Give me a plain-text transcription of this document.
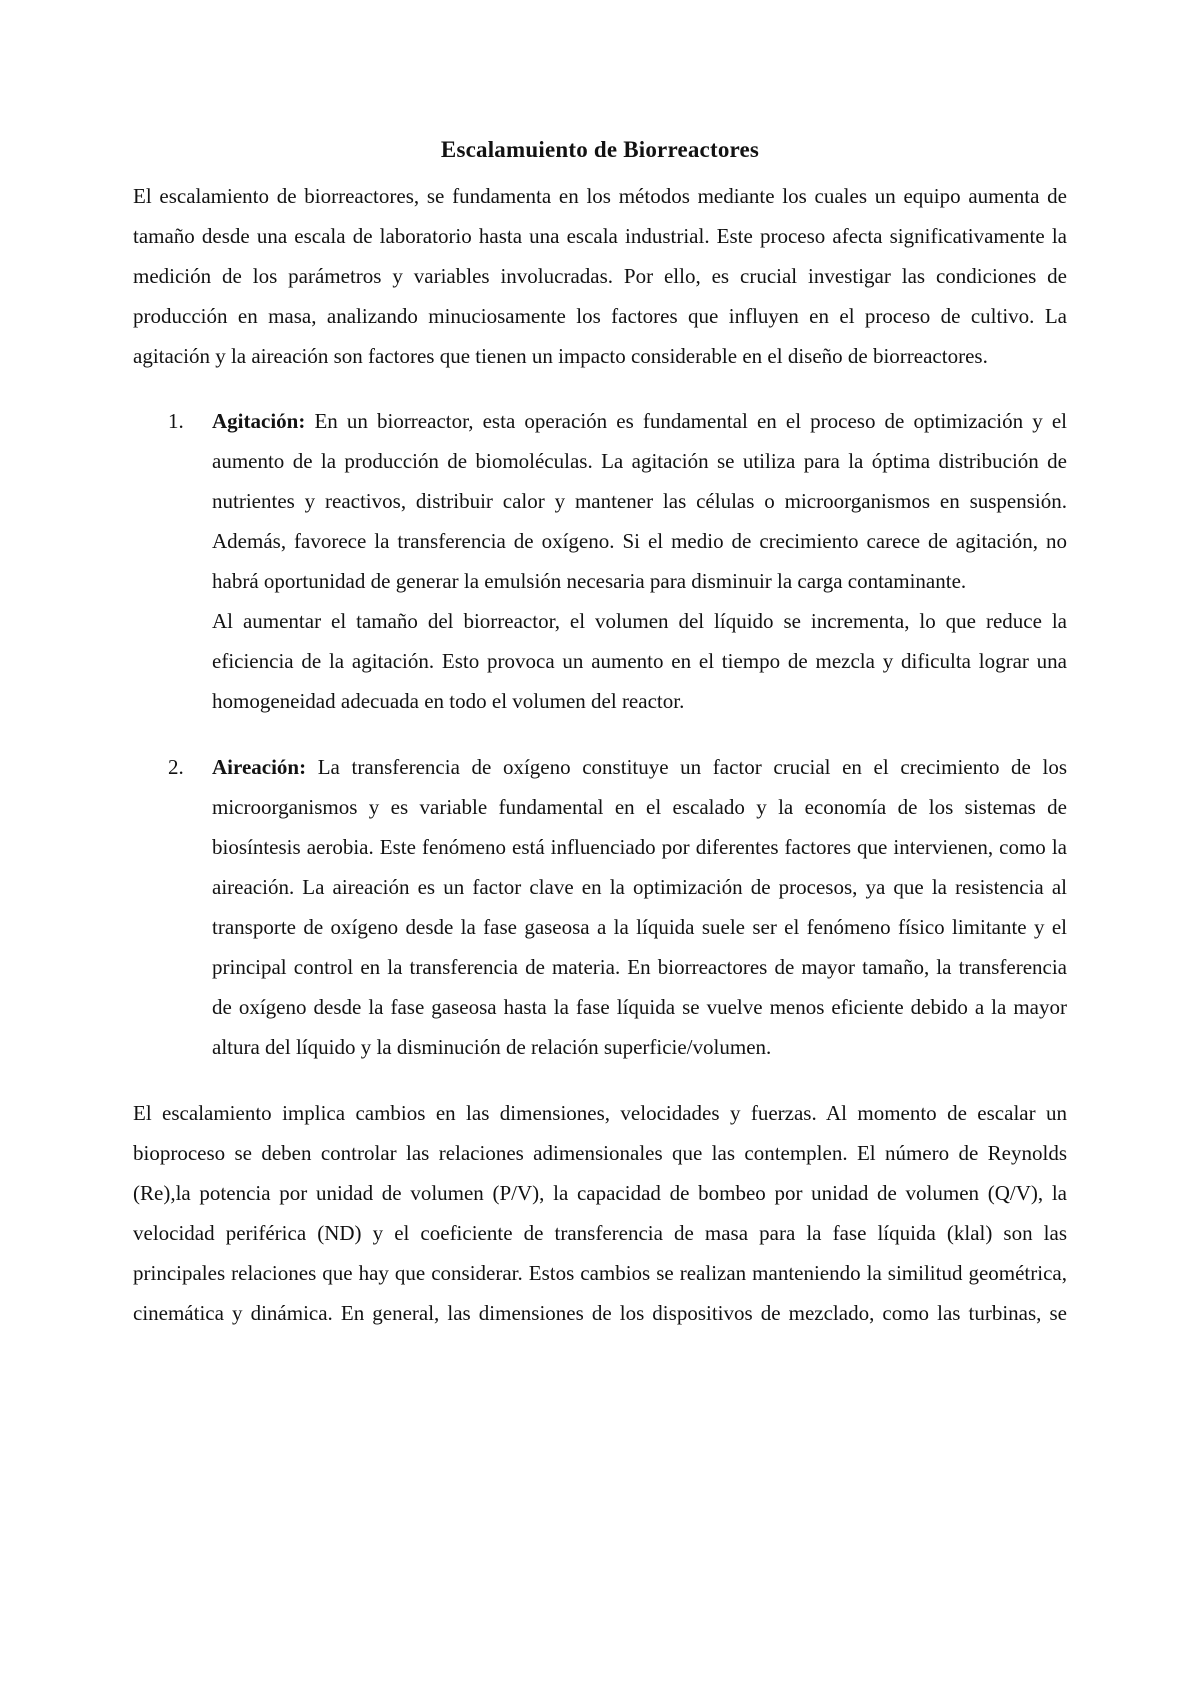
Escalamuiento de Biorreactores

El escalamiento de biorreactores, se fundamenta en los métodos mediante los cuales un equipo aumenta de tamaño desde una escala de laboratorio hasta una escala industrial. Este proceso afecta significativamente la medición de los parámetros y variables involucradas. Por ello, es crucial investigar las condiciones de producción en masa, analizando minuciosamente los factores que influyen en el proceso de cultivo. La agitación y la aireación son factores que tienen un impacto considerable en el diseño de biorreactores.

1. Agitación: En un biorreactor, esta operación es fundamental en el proceso de optimización y el aumento de la producción de biomoléculas. La agitación se utiliza para la óptima distribución de nutrientes y reactivos, distribuir calor y mantener las células o microorganismos en suspensión. Además, favorece la transferencia de oxígeno. Si el medio de crecimiento carece de agitación, no habrá oportunidad de generar la emulsión necesaria para disminuir la carga contaminante.

Al aumentar el tamaño del biorreactor, el volumen del líquido se incrementa, lo que reduce la eficiencia de la agitación. Esto provoca un aumento en el tiempo de mezcla y dificulta lograr una homogeneidad adecuada en todo el volumen del reactor.

2. Aireación: La transferencia de oxígeno constituye un factor crucial en el crecimiento de los microorganismos y es variable fundamental en el escalado y la economía de los sistemas de biosíntesis aerobia. Este fenómeno está influenciado por diferentes factores que intervienen, como la aireación. La aireación es un factor clave en la optimización de procesos, ya que la resistencia al transporte de oxígeno desde la fase gaseosa a la líquida suele ser el fenómeno físico limitante y el principal control en la transferencia de materia. En biorreactores de mayor tamaño, la transferencia de oxígeno desde la fase gaseosa hasta la fase líquida se vuelve menos eficiente debido a la mayor altura del líquido y la disminución de relación superficie/volumen.

El escalamiento implica cambios en las dimensiones, velocidades y fuerzas. Al momento de escalar un bioproceso se deben controlar las relaciones adimensionales que las contemplen. El número de Reynolds (Re),la potencia por unidad de volumen (P/V), la capacidad de bombeo por unidad de volumen (Q/V), la velocidad periférica (ND) y el coeficiente de transferencia de masa para la fase líquida (klal) son las principales relaciones que hay que considerar. Estos cambios se realizan manteniendo la similitud geométrica, cinemática y dinámica. En general, las dimensiones de los dispositivos de mezclado, como las turbinas, se
